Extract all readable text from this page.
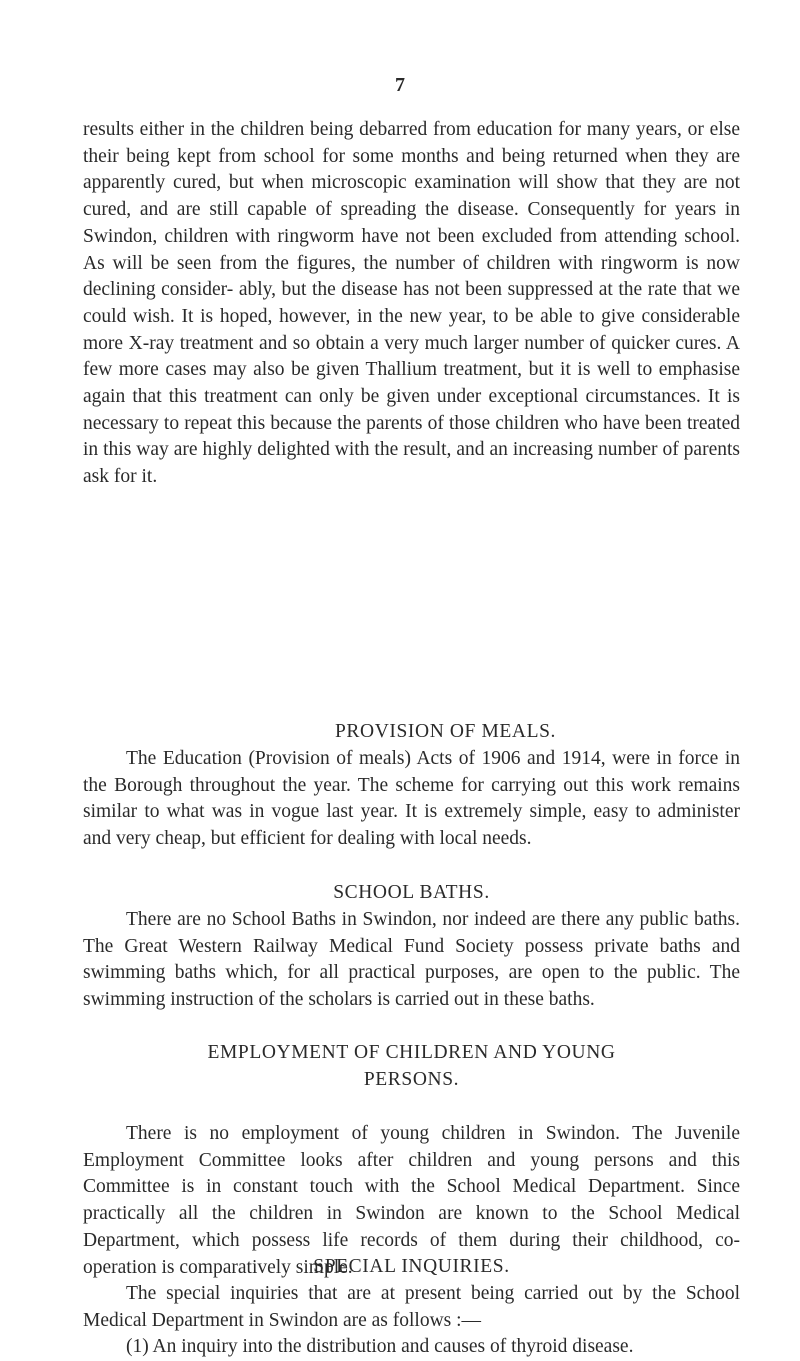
7

results either in the children being debarred from education for many years, or else their being kept from school for some months and being returned when they are apparently cured, but when microscopic examination will show that they are not cured, and are still capable of spreading the disease. Consequently for years in Swindon, children with ringworm have not been excluded from attending school. As will be seen from the figures, the number of children with ringworm is now declining consider- ably, but the disease has not been suppressed at the rate that we could wish. It is hoped, however, in the new year, to be able to give considerable more X-ray treatment and so obtain a very much larger number of quicker cures. A few more cases may also be given Thallium treatment, but it is well to emphasise again that this treatment can only be given under exceptional circumstances. It is necessary to repeat this because the parents of those children who have been treated in this way are highly delighted with the result, and an increasing number of parents ask for it.

PROVISION OF MEALS.

The Education (Provision of meals) Acts of 1906 and 1914, were in force in the Borough throughout the year. The scheme for carrying out this work remains similar to what was in vogue last year. It is extremely simple, easy to administer and very cheap, but efficient for dealing with local needs.

SCHOOL BATHS.

There are no School Baths in Swindon, nor indeed are there any public baths. The Great Western Railway Medical Fund Society possess private baths and swimming baths which, for all practical purposes, are open to the public. The swimming instruction of the scholars is carried out in these baths.

EMPLOYMENT OF CHILDREN AND YOUNG
PERSONS.

There is no employment of young children in Swindon. The Juvenile Employment Committee looks after children and young persons and this Committee is in constant touch with the School Medical Department. Since practically all the children in Swindon are known to the School Medical Department, which possess life records of them during their childhood, co-operation is comparatively simple.

SPECIAL INQUIRIES.

The special inquiries that are at present being carried out by the School Medical Department in Swindon are as follows :—

(1) An inquiry into the distribution and causes of thyroid disease.
